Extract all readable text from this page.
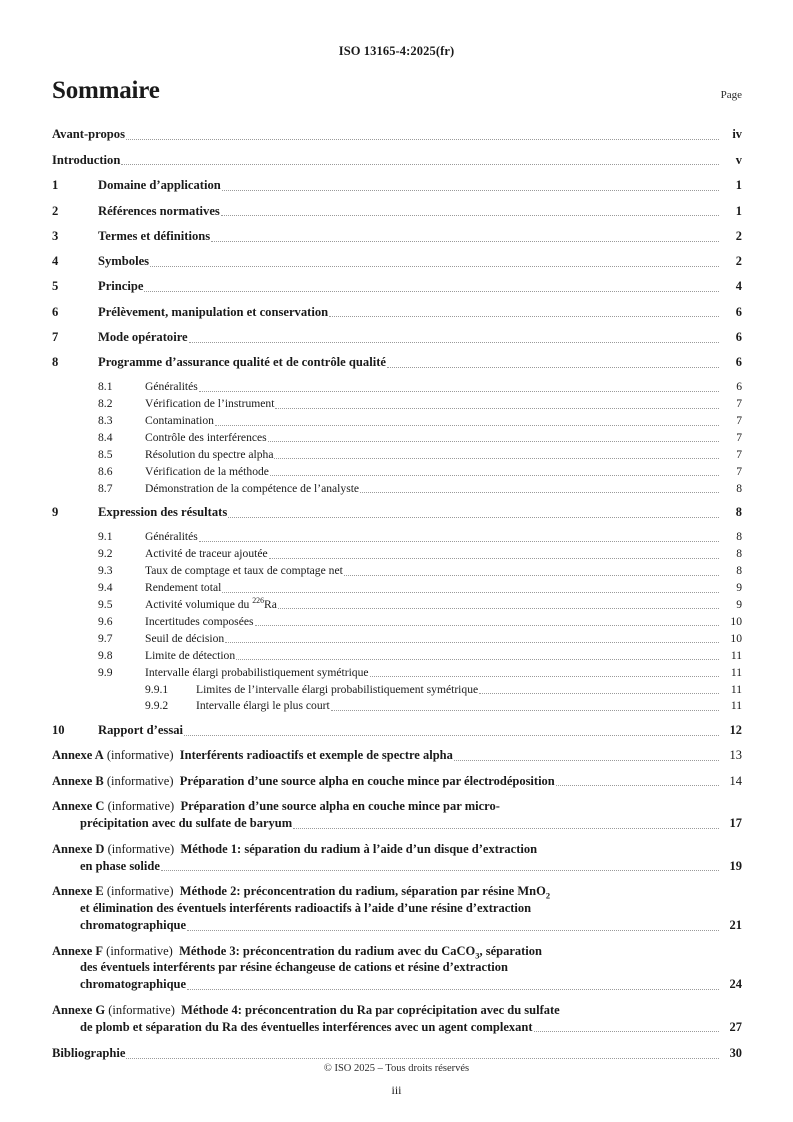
ISO 13165-4:2025(fr)
Sommaire	Page
Avant-propos	iv
Introduction	v
1	Domaine d’application	1
2	Références normatives	1
3	Termes et définitions	2
4	Symboles	2
5	Principe	4
6	Prélèvement, manipulation et conservation	6
7	Mode opératoire	6
8	Programme d’assurance qualité et de contrôle qualité	6
8.1	Généralités	6
8.2	Vérification de l’instrument	7
8.3	Contamination	7
8.4	Contrôle des interférences	7
8.5	Résolution du spectre alpha	7
8.6	Vérification de la méthode	7
8.7	Démonstration de la compétence de l’analyste	8
9	Expression des résultats	8
9.1	Généralités	8
9.2	Activité de traceur ajoutée	8
9.3	Taux de comptage et taux de comptage net	8
9.4	Rendement total	9
9.5	Activité volumique du $^{226}$Ra	9
9.6	Incertitudes composées	10
9.7	Seuil de décision	10
9.8	Limite de détection	11
9.9	Intervalle élargi probabilistiquement symétrique	11
9.9.1	Limites de l’intervalle élargi probabilistiquement symétrique	11
9.9.2	Intervalle élargi le plus court	11
10	Rapport d’essai	12
Annexe A (informative) Interférents radioactifs et exemple de spectre alpha	13
Annexe B (informative) Préparation d’une source alpha en couche mince par électrodéposition	14
Annexe C (informative) Préparation d’une source alpha en couche mince par micro-
précipitation avec du sulfate de baryum	17
Annexe D (informative) Méthode 1: séparation du radium à l’aide d’un disque d’extraction
en phase solide	19
Annexe E (informative) Méthode 2: préconcentration du radium, séparation par résine MnO$_2$
et élimination des éventuels interférents radioactifs à l’aide d’une résine d’extraction
chromatographique	21
Annexe F (informative) Méthode 3: préconcentration du radium avec du CaCO$_3$, séparation
des éventuels interférents par résine échangeuse de cations et résine d’extraction
chromatographique	24
Annexe G (informative) Méthode 4: préconcentration du Ra par coprécipitation avec du sulfate
de plomb et séparation du Ra des éventuelles interférences avec un agent complexant	27
Bibliographie	30
© ISO 2025 – Tous droits réservés
iii
